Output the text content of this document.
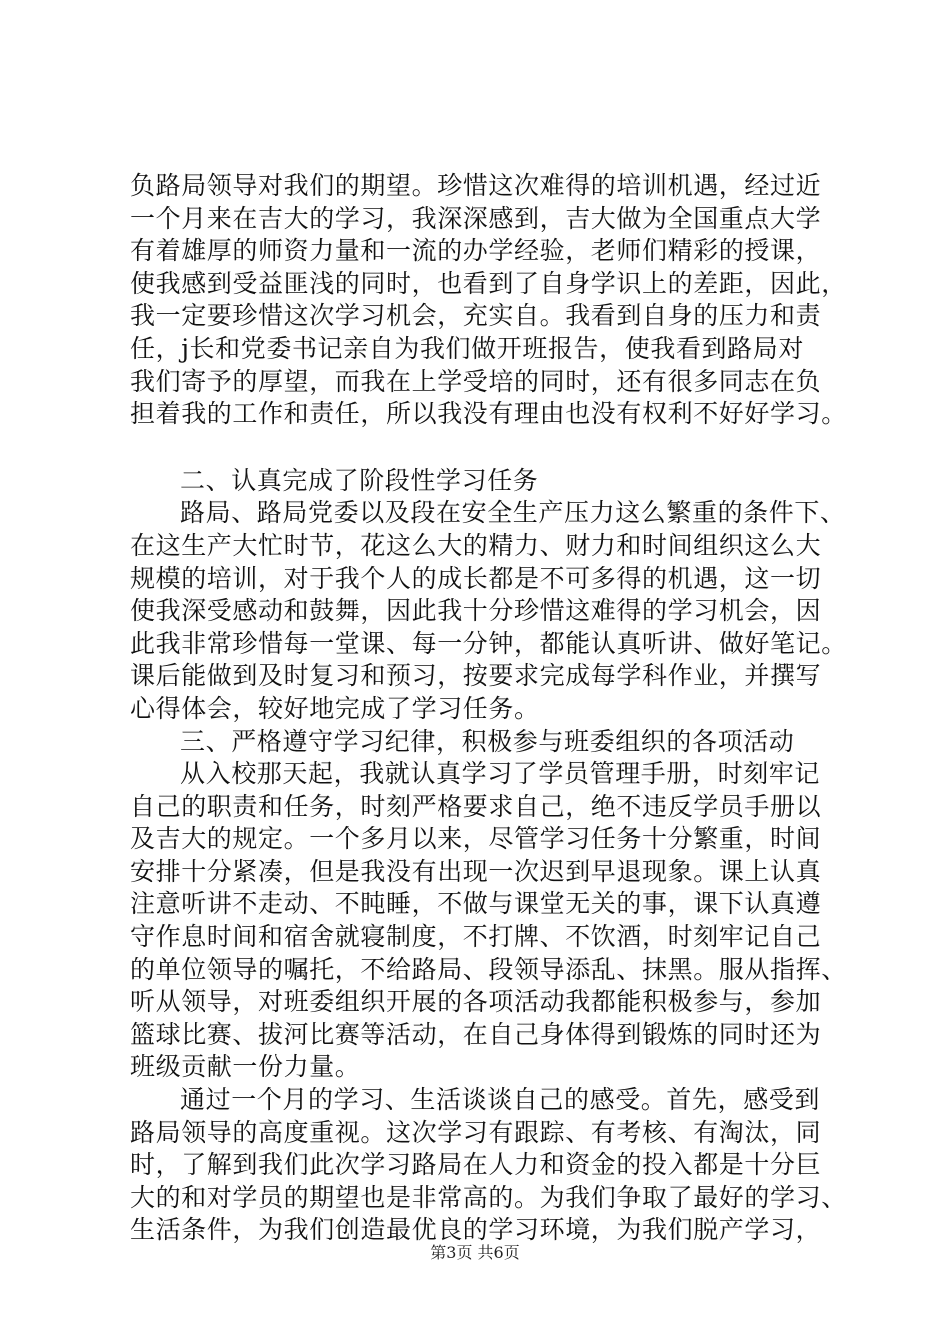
负路局领导对我们的期望。珍惜这次难得的培训机遇，经过近
一个月来在吉大的学习，我深深感到，吉大做为全国重点大学
有着雄厚的师资力量和一流的办学经验，老师们精彩的授课，
使我感到受益匪浅的同时，也看到了自身学识上的差距，因此，
我一定要珍惜这次学习机会，充实自。我看到自身的压力和责
任，j长和党委书记亲自为我们做开班报告，使我看到路局对
我们寄予的厚望，而我在上学受培的同时，还有很多同志在负
担着我的工作和责任，所以我没有理由也没有权利不好好学习。
二、认真完成了阶段性学习任务
路局、路局党委以及段在安全生产压力这么繁重的条件下、
在这生产大忙时节，花这么大的精力、财力和时间组织这么大
规模的培训，对于我个人的成长都是不可多得的机遇，这一切
使我深受感动和鼓舞，因此我十分珍惜这难得的学习机会，因
此我非常珍惜每一堂课、每一分钟，都能认真听讲、做好笔记。
课后能做到及时复习和预习，按要求完成每学科作业，并撰写
心得体会，较好地完成了学习任务。
三、严格遵守学习纪律，积极参与班委组织的各项活动
从入校那天起，我就认真学习了学员管理手册，时刻牢记
自己的职责和任务，时刻严格要求自己，绝不违反学员手册以
及吉大的规定。一个多月以来，尽管学习任务十分繁重，时间
安排十分紧凑，但是我没有出现一次迟到早退现象。课上认真
注意听讲不走动、不盹睡，不做与课堂无关的事，课下认真遵
守作息时间和宿舍就寝制度，不打牌、不饮酒，时刻牢记自己
的单位领导的嘱托，不给路局、段领导添乱、抹黑。服从指挥、
听从领导，对班委组织开展的各项活动我都能积极参与，参加
篮球比赛、拔河比赛等活动，在自己身体得到锻炼的同时还为
班级贡献一份力量。
通过一个月的学习、生活谈谈自己的感受。首先，感受到
路局领导的高度重视。这次学习有跟踪、有考核、有淘汰，同
时，了解到我们此次学习路局在人力和资金的投入都是十分巨
大的和对学员的期望也是非常高的。为我们争取了最好的学习、
生活条件，为我们创造最优良的学习环境，为我们脱产学习，
第3页 共6页
